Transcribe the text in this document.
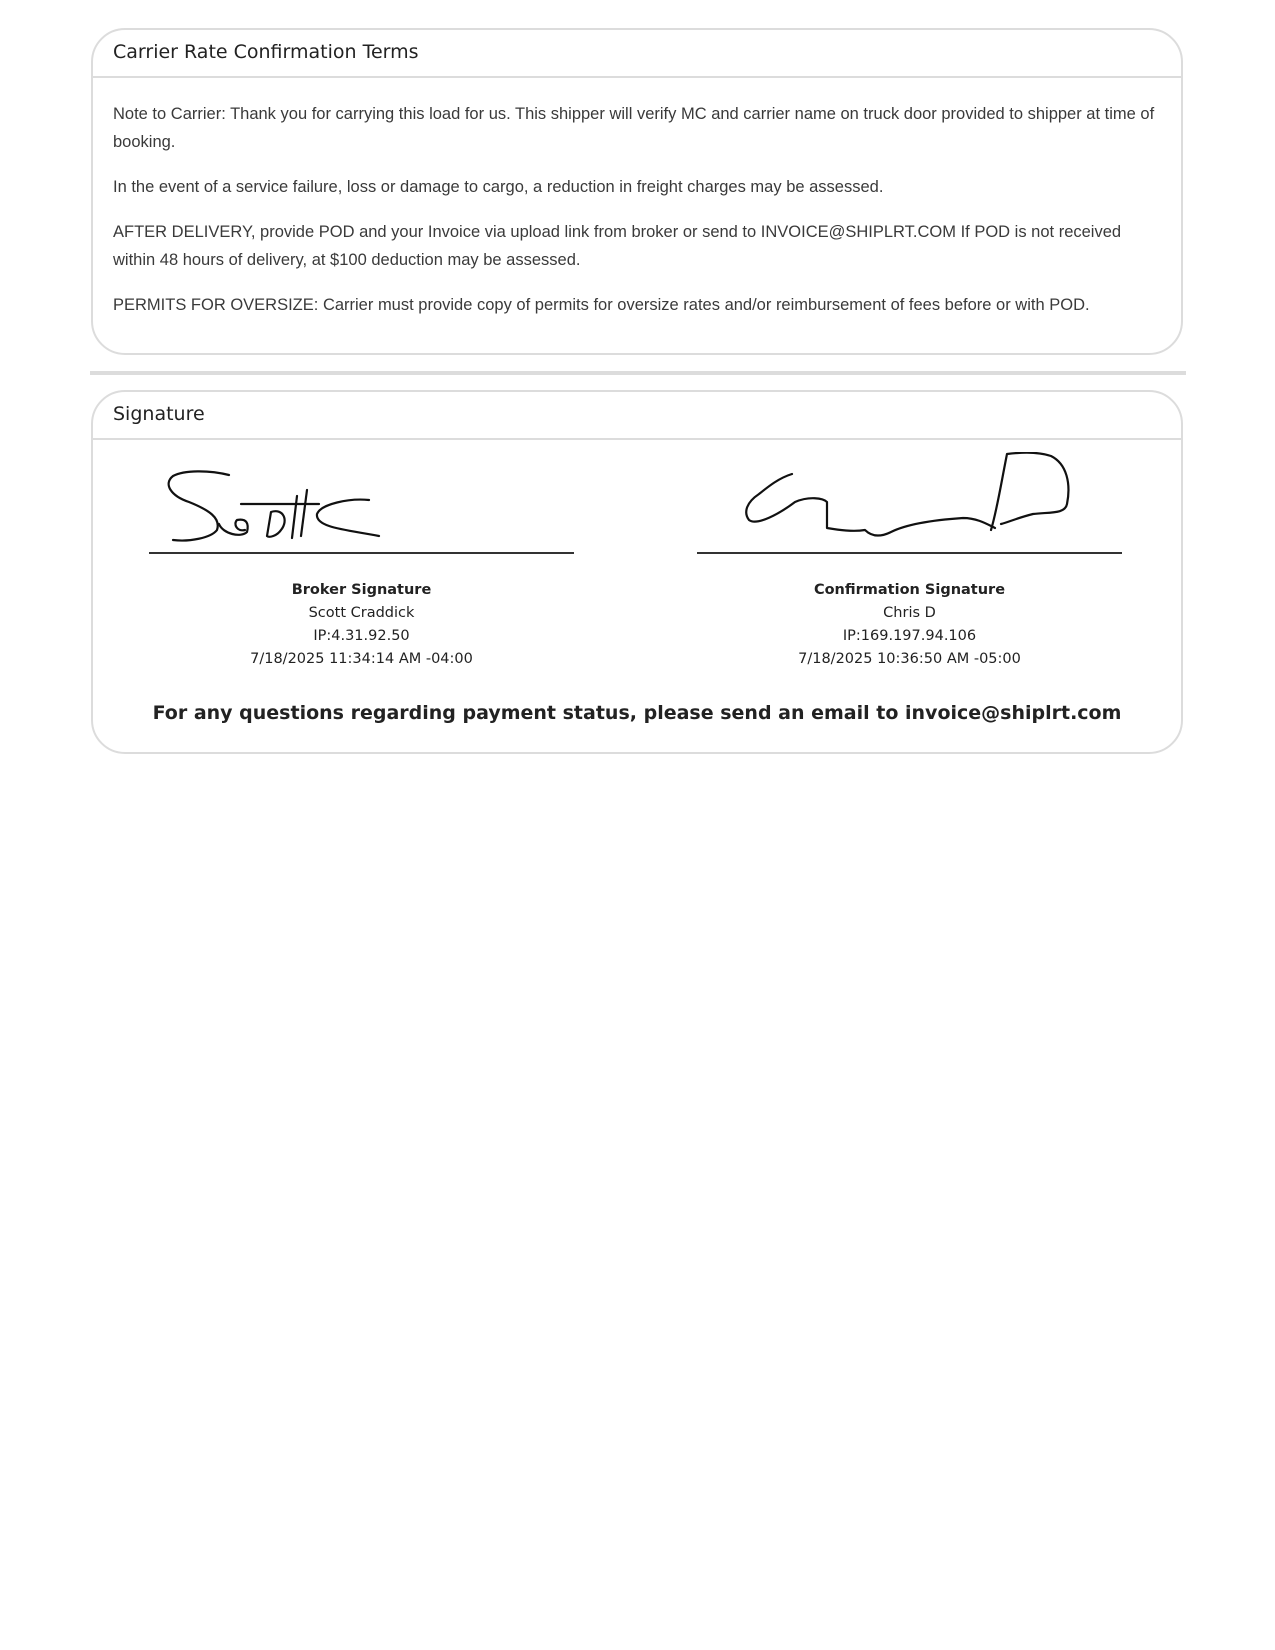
Carrier Rate Confirmation Terms

Note to Carrier: Thank you for carrying this load for us. This shipper will verify MC and carrier name on truck door provided to shipper at time of booking.

In the event of a service failure, loss or damage to cargo, a reduction in freight charges may be assessed.

AFTER DELIVERY, provide POD and your Invoice via upload link from broker or send to INVOICE@SHIPLRT.COM If POD is not received within 48 hours of delivery, at $100 deduction may be assessed.

PERMITS FOR OVERSIZE: Carrier must provide copy of permits for oversize rates and/or reimbursement of fees before or with POD.

Signature
Broker Signature
Scott Craddick
IP:4.31.92.50
7/18/2025 11:34:14 AM -04:00
Confirmation Signature
Chris D
IP:169.197.94.106
7/18/2025 10:36:50 AM -05:00
For any questions regarding payment status, please send an email to invoice@shiplrt.com
